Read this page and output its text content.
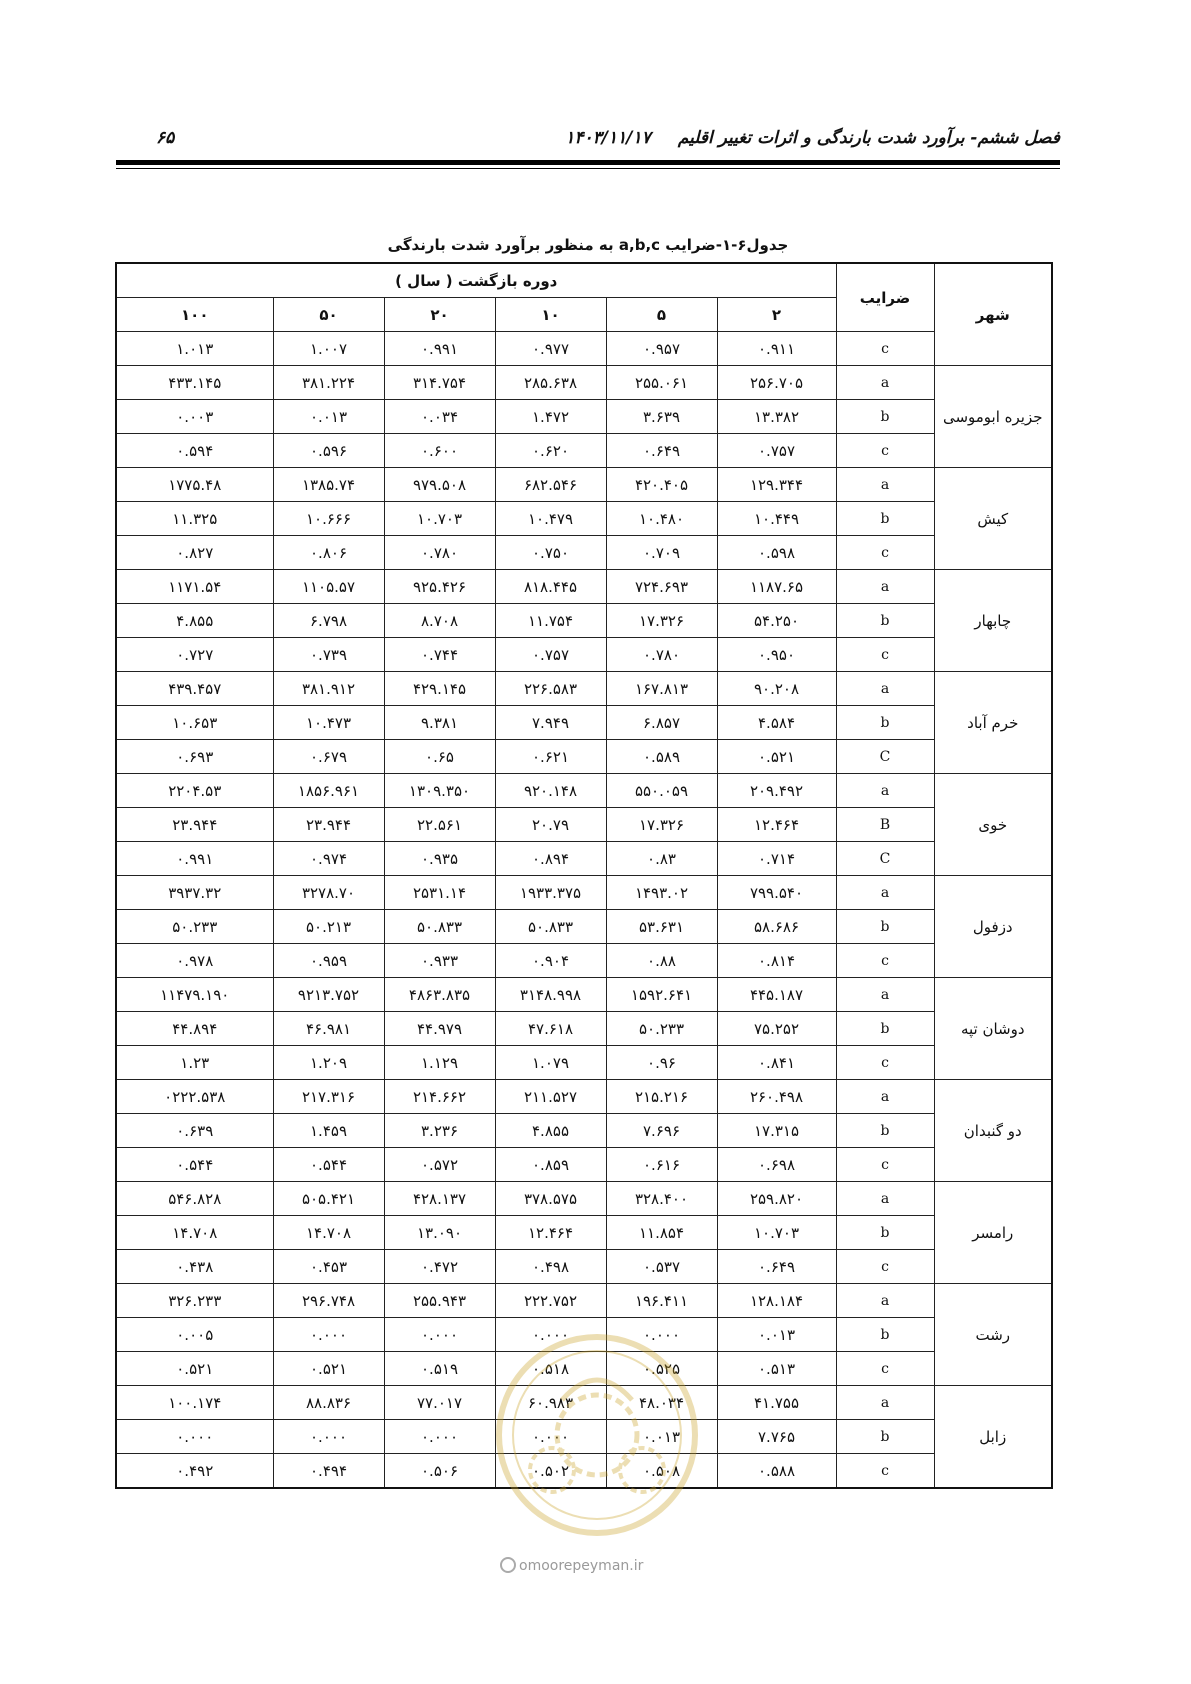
فصل ششم- برآورد شدت بارندگی و اثرات تغییر اقلیم
۱۴۰۳/۱۱/۱۷
۶۵
جدول۶-۱-ضرایب a,b,c به منظور برآورد شدت بارندگی
شهر	ضرایب	دوره بازگشت ( سال )					
		۲	۵	۱۰	۲۰	۵۰	۱۰۰
	c	۰.۹۱۱	۰.۹۵۷	۰.۹۷۷	۰.۹۹۱	۱.۰۰۷	۱.۰۱۳
جزیره ابوموسی	a	۲۵۶.۷۰۵	۲۵۵.۰۶۱	۲۸۵.۶۳۸	۳۱۴.۷۵۴	۳۸۱.۲۲۴	۴۳۳.۱۴۵
	b	۱۳.۳۸۲	۳.۶۳۹	۱.۴۷۲	۰.۰۳۴	۰.۰۱۳	۰.۰۰۳
	c	۰.۷۵۷	۰.۶۴۹	۰.۶۲۰	۰.۶۰۰	۰.۵۹۶	۰.۵۹۴
کیش	a	۱۲۹.۳۴۴	۴۲۰.۴۰۵	۶۸۲.۵۴۶	۹۷۹.۵۰۸	۱۳۸۵.۷۴	۱۷۷۵.۴۸
	b	۱۰.۴۴۹	۱۰.۴۸۰	۱۰.۴۷۹	۱۰.۷۰۳	۱۰.۶۶۶	۱۱.۳۲۵
	c	۰.۵۹۸	۰.۷۰۹	۰.۷۵۰	۰.۷۸۰	۰.۸۰۶	۰.۸۲۷
چابهار	a	۱۱۸۷.۶۵	۷۲۴.۶۹۳	۸۱۸.۴۴۵	۹۲۵.۴۲۶	۱۱۰۵.۵۷	۱۱۷۱.۵۴
	b	۵۴.۲۵۰	۱۷.۳۲۶	۱۱.۷۵۴	۸.۷۰۸	۶.۷۹۸	۴.۸۵۵
	c	۰.۹۵۰	۰.۷۸۰	۰.۷۵۷	۰.۷۴۴	۰.۷۳۹	۰.۷۲۷
خرم آباد	a	۹۰.۲۰۸	۱۶۷.۸۱۳	۲۲۶.۵۸۳	۴۲۹.۱۴۵	۳۸۱.۹۱۲	۴۳۹.۴۵۷
	b	۴.۵۸۴	۶.۸۵۷	۷.۹۴۹	۹.۳۸۱	۱۰.۴۷۳	۱۰.۶۵۳
	C	۰.۵۲۱	۰.۵۸۹	۰.۶۲۱	۰.۶۵	۰.۶۷۹	۰.۶۹۳
خوی	a	۲۰۹.۴۹۲	۵۵۰.۰۵۹	۹۲۰.۱۴۸	۱۳۰۹.۳۵۰	۱۸۵۶.۹۶۱	۲۲۰۴.۵۳
	B	۱۲.۴۶۴	۱۷.۳۲۶	۲۰.۷۹	۲۲.۵۶۱	۲۳.۹۴۴	۲۳.۹۴۴
	C	۰.۷۱۴	۰.۸۳	۰.۸۹۴	۰.۹۳۵	۰.۹۷۴	۰.۹۹۱
دزفول	a	۷۹۹.۵۴۰	۱۴۹۳.۰۲	۱۹۳۳.۳۷۵	۲۵۳۱.۱۴	۳۲۷۸.۷۰	۳۹۳۷.۳۲
	b	۵۸.۶۸۶	۵۳.۶۳۱	۵۰.۸۳۳	۵۰.۸۳۳	۵۰.۲۱۳	۵۰.۲۳۳
	c	۰.۸۱۴	۰.۸۸	۰.۹۰۴	۰.۹۳۳	۰.۹۵۹	۰.۹۷۸
دوشان تپه	a	۴۴۵.۱۸۷	۱۵۹۲.۶۴۱	۳۱۴۸.۹۹۸	۴۸۶۳.۸۳۵	۹۲۱۳.۷۵۲	۱۱۴۷۹.۱۹۰
	b	۷۵.۲۵۲	۵۰.۲۳۳	۴۷.۶۱۸	۴۴.۹۷۹	۴۶.۹۸۱	۴۴.۸۹۴
	c	۰.۸۴۱	۰.۹۶	۱.۰۷۹	۱.۱۲۹	۱.۲۰۹	۱.۲۳
دو گنبدان	a	۲۶۰.۴۹۸	۲۱۵.۲۱۶	۲۱۱.۵۲۷	۲۱۴.۶۶۲	۲۱۷.۳۱۶	۰۲۲۲.۵۳۸
	b	۱۷.۳۱۵	۷.۶۹۶	۴.۸۵۵	۳.۲۳۶	۱.۴۵۹	۰.۶۳۹
	c	۰.۶۹۸	۰.۶۱۶	۰.۸۵۹	۰.۵۷۲	۰.۵۴۴	۰.۵۴۴
رامسر	a	۲۵۹.۸۲۰	۳۲۸.۴۰۰	۳۷۸.۵۷۵	۴۲۸.۱۳۷	۵۰۵.۴۲۱	۵۴۶.۸۲۸
	b	۱۰.۷۰۳	۱۱.۸۵۴	۱۲.۴۶۴	۱۳.۰۹۰	۱۴.۷۰۸	۱۴.۷۰۸
	c	۰.۶۴۹	۰.۵۳۷	۰.۴۹۸	۰.۴۷۲	۰.۴۵۳	۰.۴۳۸
رشت	a	۱۲۸.۱۸۴	۱۹۶.۴۱۱	۲۲۲.۷۵۲	۲۵۵.۹۴۳	۲۹۶.۷۴۸	۳۲۶.۲۳۳
	b	۰.۰۱۳	۰.۰۰۰	۰.۰۰۰	۰.۰۰۰	۰.۰۰۰	۰.۰۰۵
	c	۰.۵۱۳	۰.۵۲۵	۰.۵۱۸	۰.۵۱۹	۰.۵۲۱	۰.۵۲۱
زابل	a	۴۱.۷۵۵	۴۸.۰۳۴	۶۰.۹۸۳	۷۷.۰۱۷	۸۸.۸۳۶	۱۰۰.۱۷۴
	b	۷.۷۶۵	۰.۰۱۳	۰.۰۰۰	۰.۰۰۰	۰.۰۰۰	۰.۰۰۰
	c	۰.۵۸۸	۰.۵۰۸	۰.۵۰۲	۰.۵۰۶	۰.۴۹۴	۰.۴۹۲
omoorepeyman.ir
